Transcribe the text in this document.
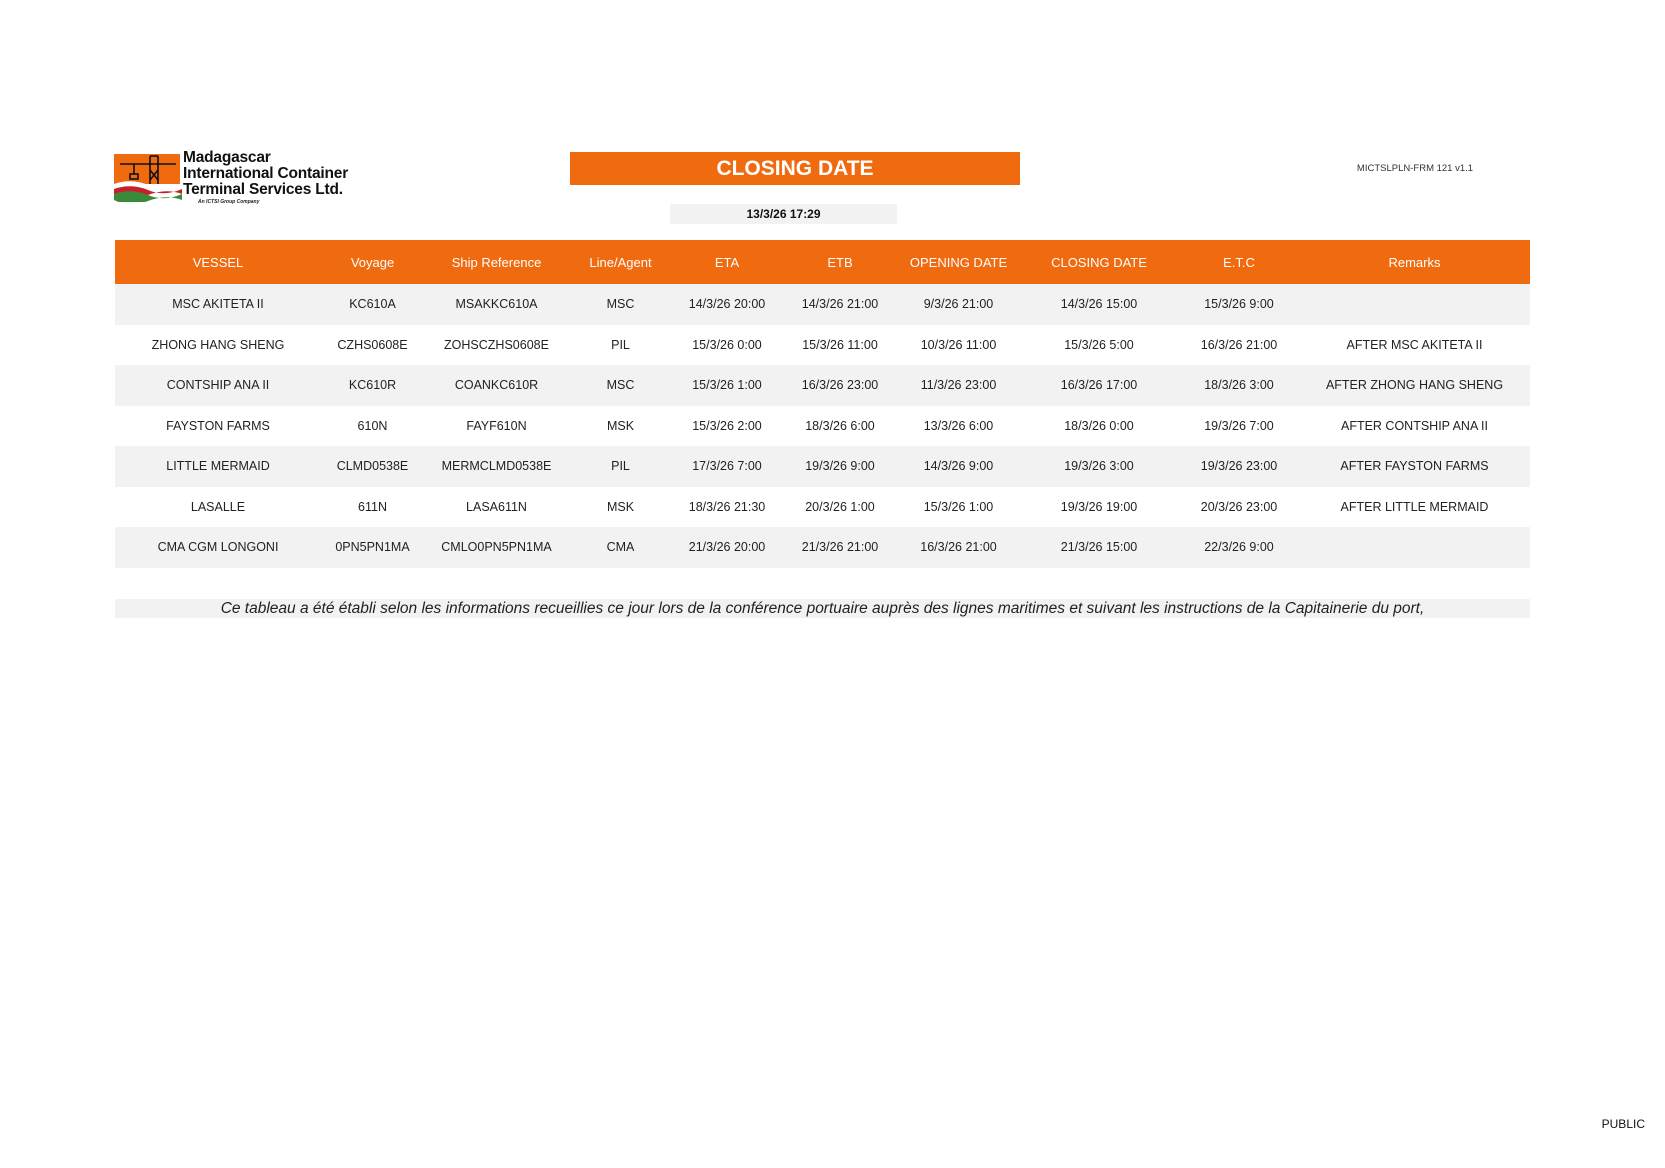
Madagascar
International Container
Terminal Services Ltd.
An ICTSI Group Company
CLOSING DATE	MICTSLPLN-FRM 121 v1.1
13/3/26 17:29
VESSEL	Voyage	Ship Reference	Line/Agent	ETA	ETB	OPENING DATE	CLOSING DATE	E.T.C	Remarks
MSC AKITETA II	KC610A	MSAKKC610A	MSC	14/3/26 20:00	14/3/26 21:00	9/3/26 21:00	14/3/26 15:00	15/3/26 9:00	
ZHONG HANG SHENG	CZHS0608E	ZOHSCZHS0608E	PIL	15/3/26 0:00	15/3/26 11:00	10/3/26 11:00	15/3/26 5:00	16/3/26 21:00	AFTER MSC AKITETA II
CONTSHIP ANA II	KC610R	COANKC610R	MSC	15/3/26 1:00	16/3/26 23:00	11/3/26 23:00	16/3/26 17:00	18/3/26 3:00	AFTER ZHONG HANG SHENG
FAYSTON FARMS	610N	FAYF610N	MSK	15/3/26 2:00	18/3/26 6:00	13/3/26 6:00	18/3/26 0:00	19/3/26 7:00	AFTER CONTSHIP ANA II
LITTLE MERMAID	CLMD0538E	MERMCLMD0538E	PIL	17/3/26 7:00	19/3/26 9:00	14/3/26 9:00	19/3/26 3:00	19/3/26 23:00	AFTER FAYSTON FARMS
LASALLE	611N	LASA611N	MSK	18/3/26 21:30	20/3/26 1:00	15/3/26 1:00	19/3/26 19:00	20/3/26 23:00	AFTER LITTLE MERMAID
CMA CGM LONGONI	0PN5PN1MA	CMLO0PN5PN1MA	CMA	21/3/26 20:00	21/3/26 21:00	16/3/26 21:00	21/3/26 15:00	22/3/26 9:00	
Ce tableau a été établi selon les informations recueillies ce jour lors de la conférence portuaire auprès des lignes maritimes et suivant les instructions de la Capitainerie du port,
PUBLIC
